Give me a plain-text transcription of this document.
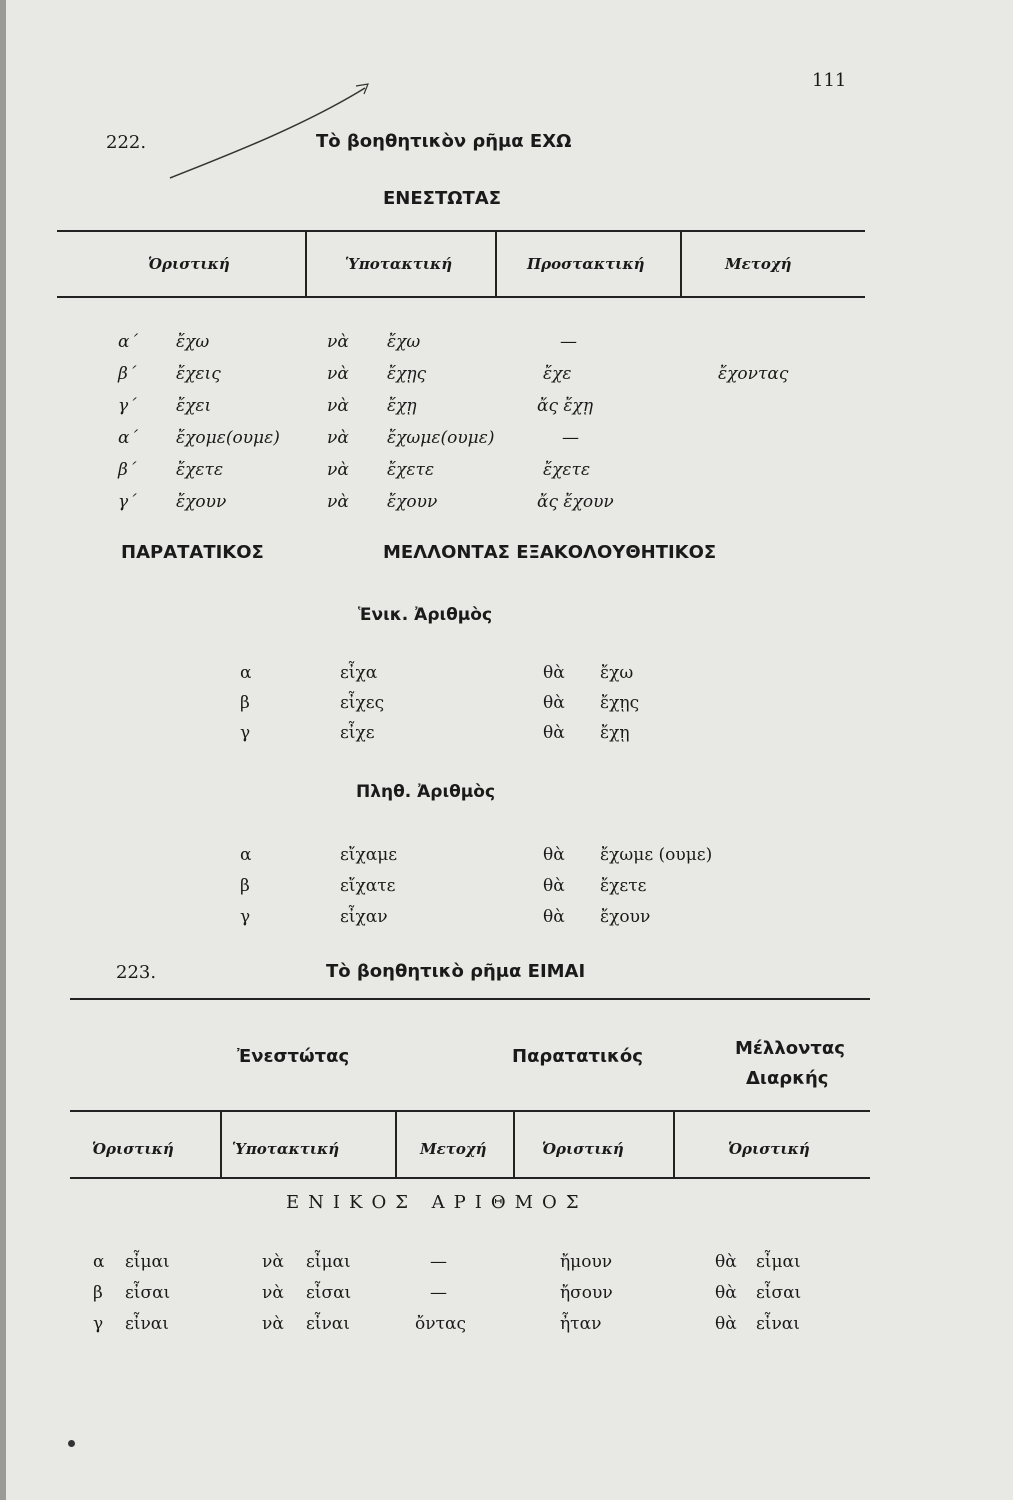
111
222.	Τὸ βοηθητικὸν ρῆμα ΕΧΩ
ΕΝΕΣΤΩΤΑΣ
Ὁριστική	Ὑποτακτική	Προστακτική	Μετοχή
α΄ ἔχω	νὰ ἔχω	—
β΄ ἔχεις	νὰ ἔχῃς	ἔχε	ἔχοντας
γ΄ ἔχει	νὰ ἔχῃ	ἄς ἔχῃ
α΄ ἔχομε(ουμε)	νὰ ἔχωμε(ουμε)	—
β΄ ἔχετε	νὰ ἔχετε	ἔχετε
γ΄ ἔχουν	νὰ ἔχουν	ἄς ἔχουν
ΠΑΡΑΤΑΤΙΚΟΣ	ΜΕΛΛΟΝΤΑΣ ΕΞΑΚΟΛΟΥΘΗΤΙΚΟΣ
Ἑνικ. Ἀριθμὸς
α	εἶχα	θὰ ἔχω
β	εἶχες	θὰ ἔχῃς
γ	εἶχε	θὰ ἔχῃ
Πληθ. Ἀριθμὸς
α	εἴχαμε	θὰ ἔχωμε (ουμε)
β	εἴχατε	θὰ ἔχετε
γ	εἶχαν	θὰ ἔχουν
223.	Τὸ βοηθητικὸ ρῆμα ΕΙΜΑΙ
Ἐνεστώτας	Παρατατικός	Μέλλοντας
Διαρκής
Ὁριστική	Ὑποτακτική	Μετοχή	Ὁριστική	Ὁριστική
ΕΝΙΚΟΣ ΑΡΙΘΜΟΣ
α εἶμαι	νὰ εἶμαι	—	ἤμουν	θὰ εἶμαι
β εἶσαι	νὰ εἶσαι	—	ἤσουν	θὰ εἶσαι
γ εἶναι	νὰ εἶναι	ὄντας	ἦταν	θὰ εἶναι
